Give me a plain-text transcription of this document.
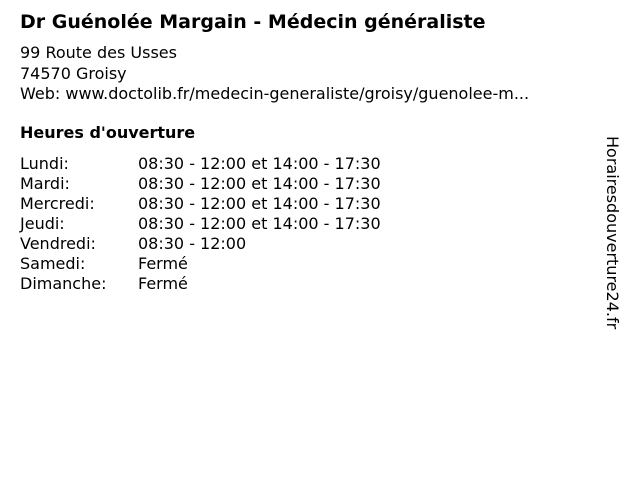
Dr Guénolée Margain - Médecin généraliste
99 Route des Usses
74570 Groisy
Web: www.doctolib.fr/medecin-generaliste/groisy/guenolee-m...
Heures d'ouverture
Lundi:	08:30 - 12:00 et 14:00 - 17:30
Mardi:	08:30 - 12:00 et 14:00 - 17:30
Mercredi:	08:30 - 12:00 et 14:00 - 17:30
Jeudi:	08:30 - 12:00 et 14:00 - 17:30
Vendredi:	08:30 - 12:00
Samedi:	Fermé
Dimanche: Fermé	Horairesdouverture24.fr
